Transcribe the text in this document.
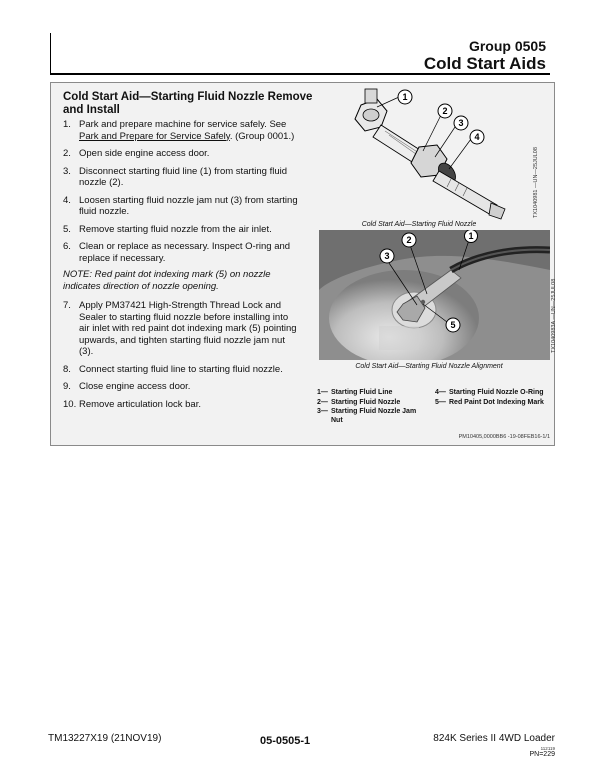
Group 0505
Cold Start Aids
Cold Start Aid—Starting Fluid Nozzle Remove and Install
1. Park and prepare machine for service safely. See Park and Prepare for Service Safely. (Group 0001.)
2. Open side engine access door.
3. Disconnect starting fluid line (1) from starting fluid nozzle (2).
4. Loosen starting fluid nozzle jam nut (3) from starting fluid nozzle.
5. Remove starting fluid nozzle from the air inlet.
6. Clean or replace as necessary. Inspect O-ring and replace if necessary.
NOTE: Red paint dot indexing mark (5) on nozzle indicates direction of nozzle opening.
7. Apply PM37421 High-Strength Thread Lock and Sealer to starting fluid nozzle before installing into air inlet with red paint dot indexing mark (5) pointing upwards, and tighten starting fluid nozzle jam nut (3).
8. Connect starting fluid line to starting fluid nozzle.
9. Close engine access door.
10. Remove articulation lock bar.
1
2
3
4
Cold Start Aid—Starting Fluid Nozzle
TX1040981 —UN—25JUL08
3
2	1
5
Cold Start Aid—Starting Fluid Nozzle Alignment
TX1040983A —UN—25JUL08
1— Starting Fluid Line
2— Starting Fluid Nozzle
3— Starting Fluid Nozzle Jam Nut
4— Starting Fluid Nozzle O-Ring
5— Red Paint Dot Indexing Mark
PM10405,0000BB6 -19-08FEB16-1/1
TM13227X19 (21NOV19)	05-0505-1	824K Series II 4WD Loader
112119
PN=229
